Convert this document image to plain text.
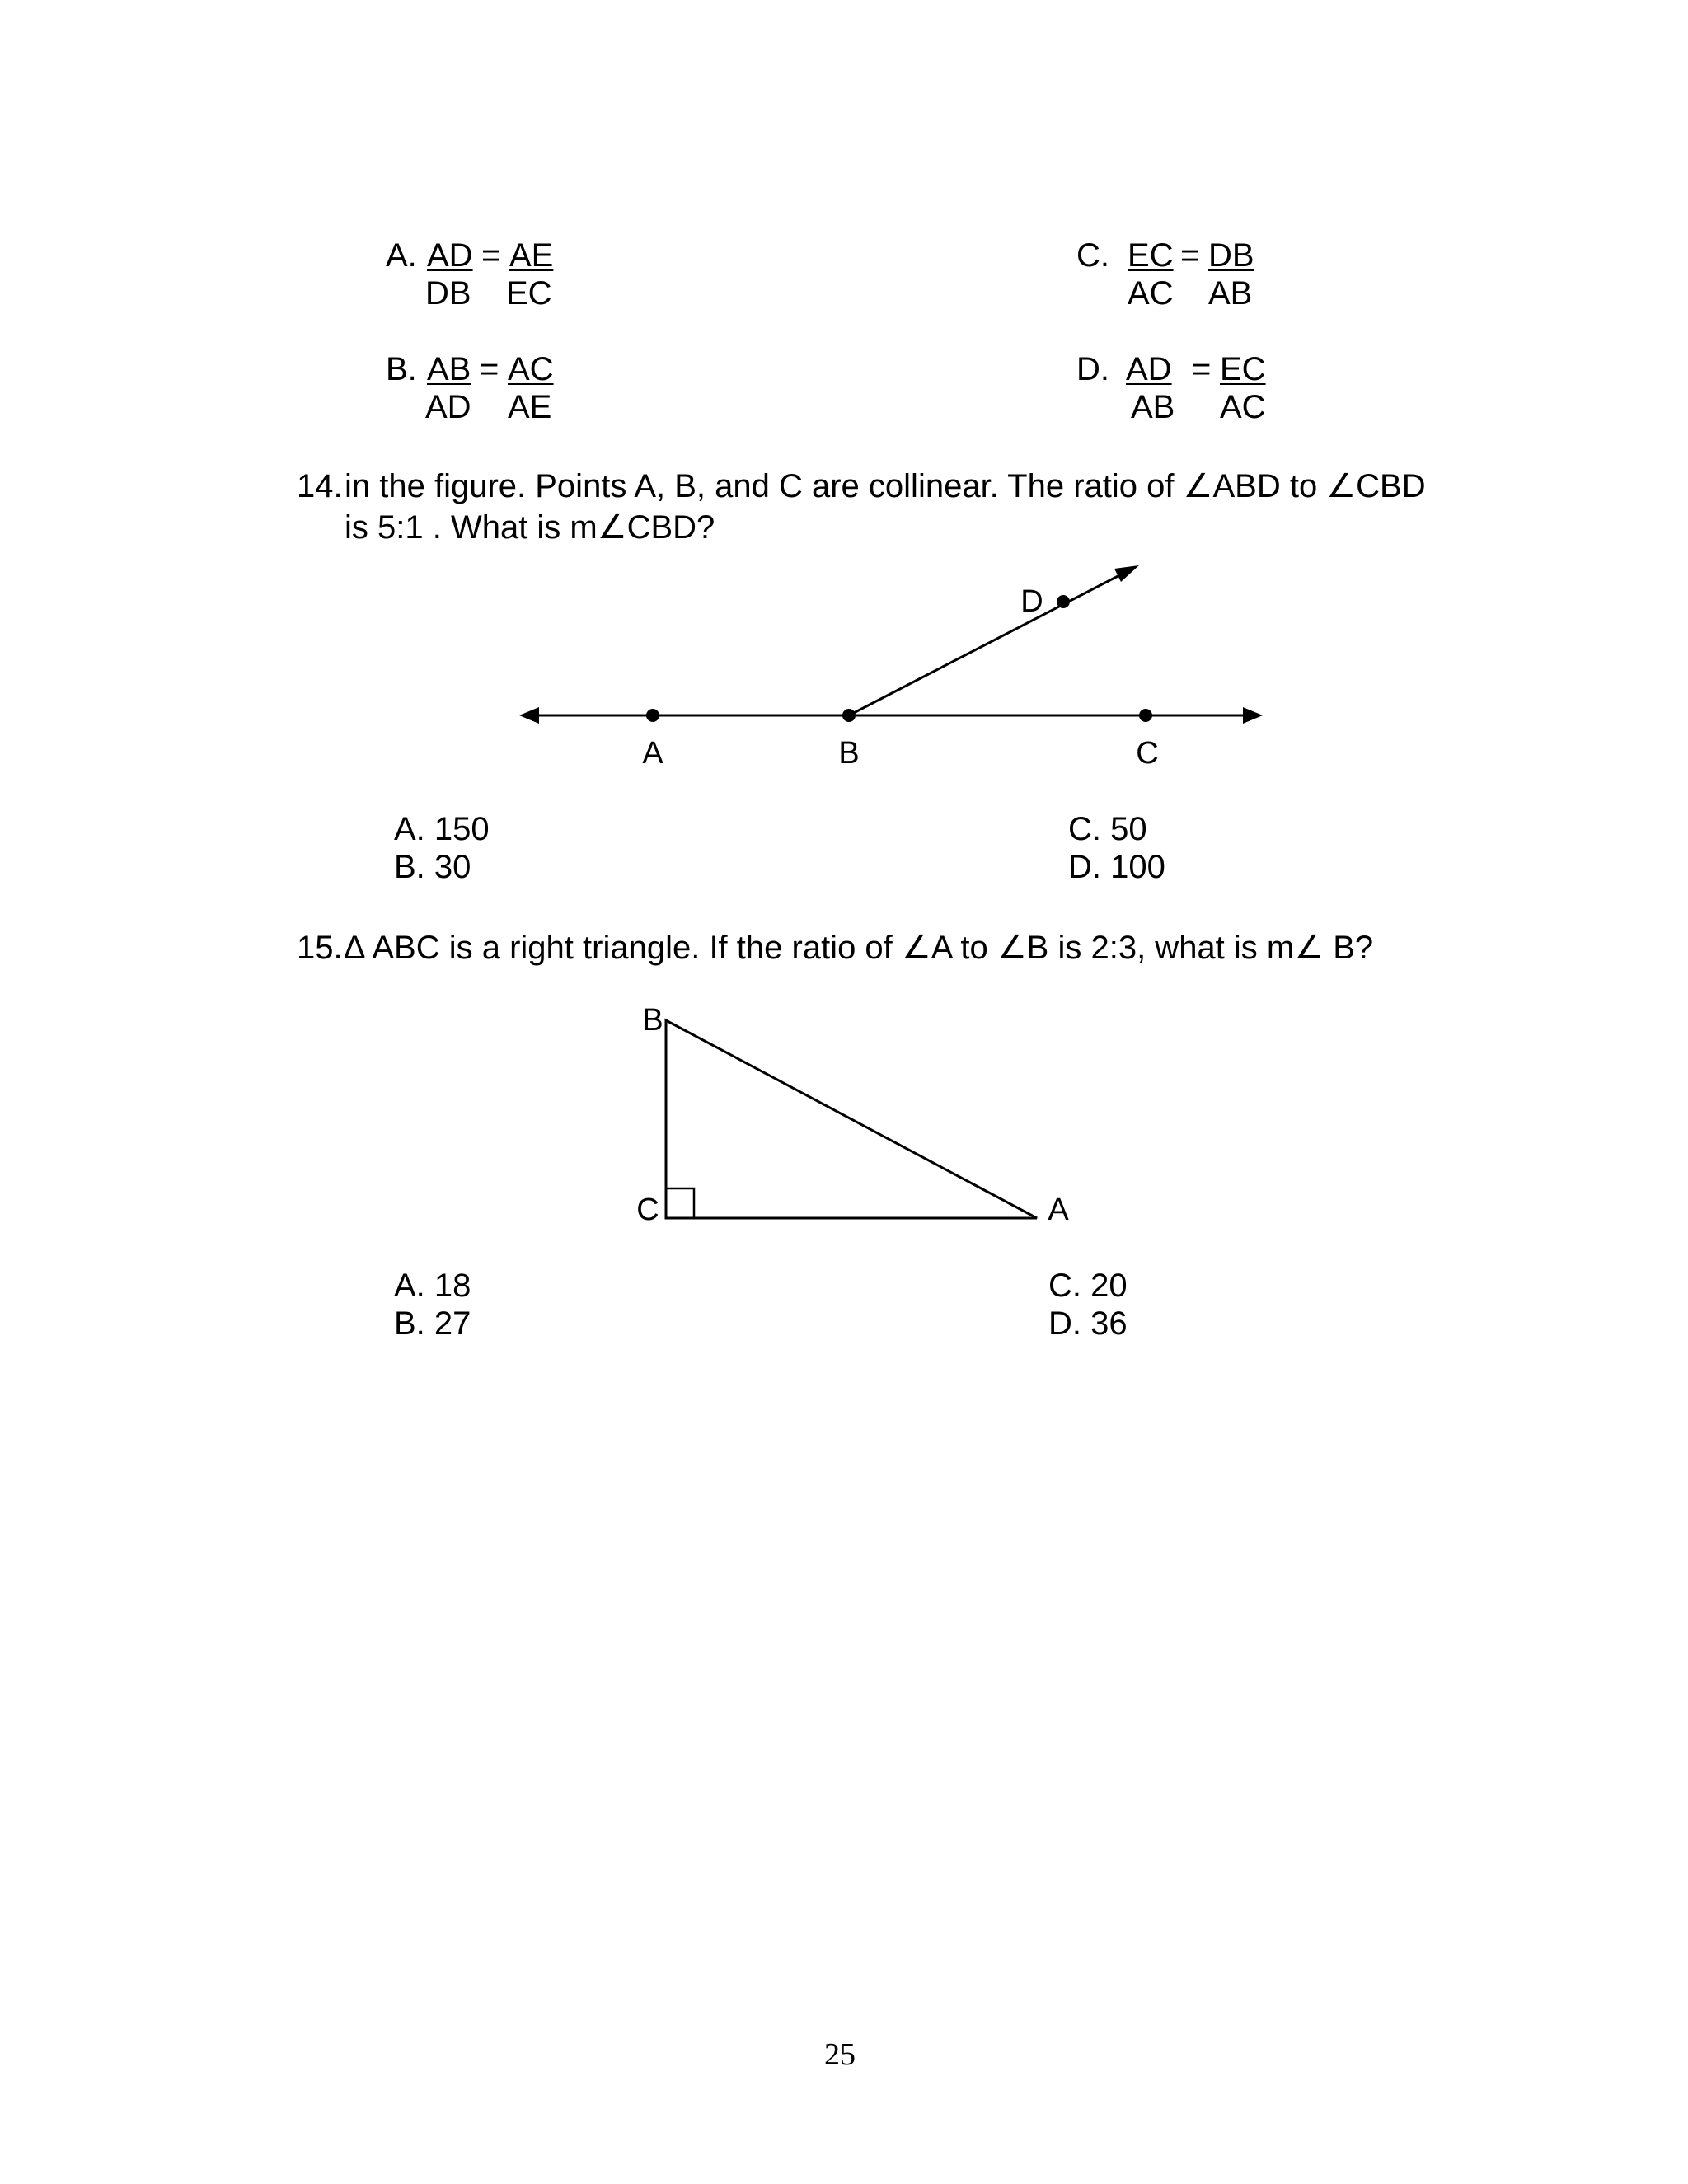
A. AD = AE
DB EC
B. AB = AC
AD AE
C. EC = DB
AC AB
D. AD = EC
AB AC
14. in the figure. Points A, B, and C are collinear. The ratio of ∠ABD to ∠CBD
is 5:1 . What is m∠CBD?
A	B	C
D
B
C	A
A. 150
B. 30
C. 50
D. 100
15. ∆ ABC is a right triangle. If the ratio of ∠A to ∠B is 2:3, what is m∠ B?
A. 18
B. 27
C. 20
D. 36
25
